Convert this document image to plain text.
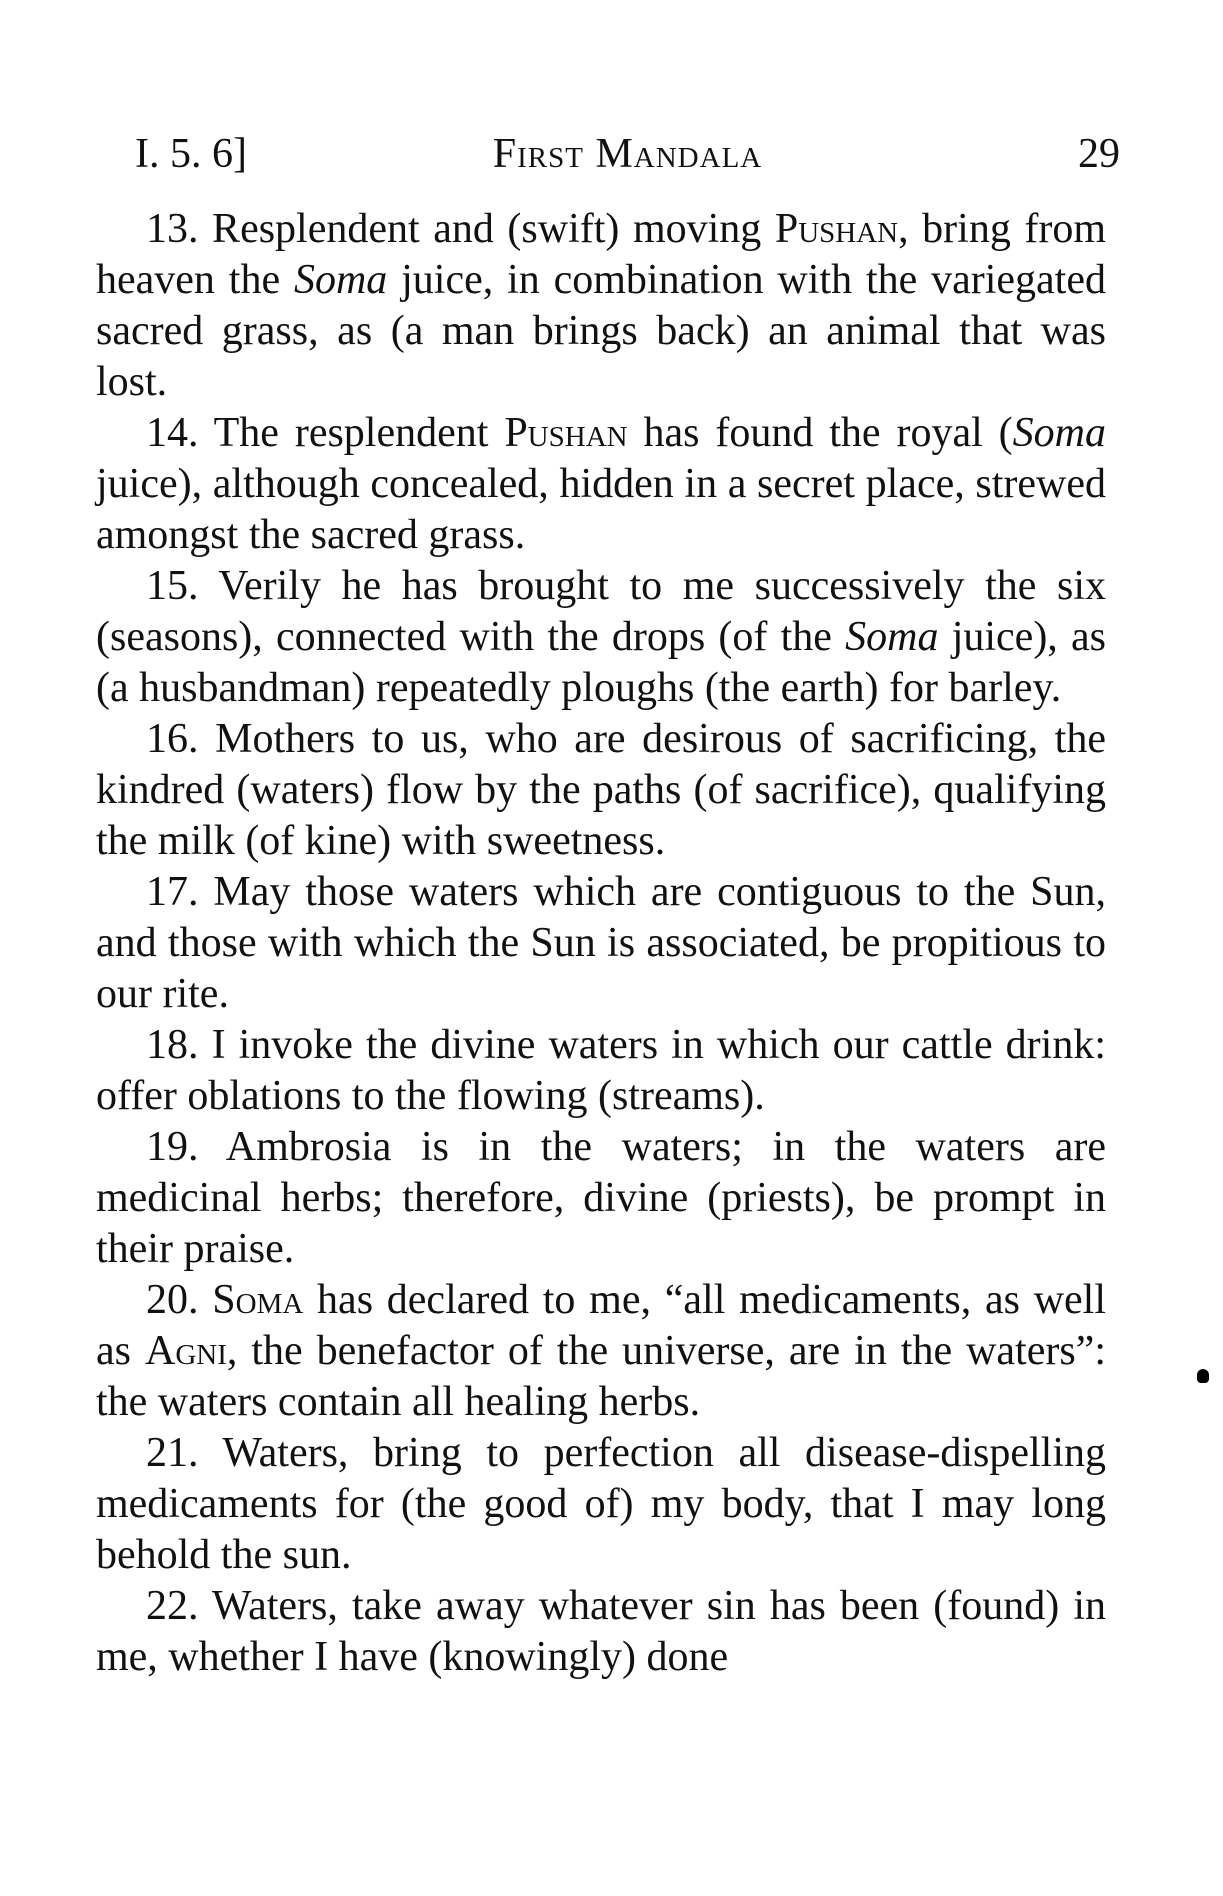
I. 5. 6]	First Mandala	29

13. Resplendent and (swift) moving Pushan, bring from heaven the Soma juice, in combination with the variegated sacred grass, as (a man brings back) an animal that was lost.

14. The resplendent Pushan has found the royal (Soma juice), although concealed, hidden in a secret place, strewed amongst the sacred grass.

15. Verily he has brought to me successively the six (seasons), connected with the drops (of the Soma juice), as (a husbandman) repeatedly ploughs (the earth) for barley.

16. Mothers to us, who are desirous of sacrificing, the kindred (waters) flow by the paths (of sacrifice), qualifying the milk (of kine) with sweetness.

17. May those waters which are contiguous to the Sun, and those with which the Sun is associated, be propitious to our rite.

18. I invoke the divine waters in which our cattle drink: offer oblations to the flowing (streams).

19. Ambrosia is in the waters; in the waters are medicinal herbs; therefore, divine (priests), be prompt in their praise.

20. Soma has declared to me, “all medicaments, as well as Agni, the benefactor of the universe, are in the waters”: the waters contain all healing herbs.

21. Waters, bring to perfection all disease-dispelling medicaments for (the good of) my body, that I may long behold the sun.

22. Waters, take away whatever sin has been (found) in me, whether I have (knowingly) done
